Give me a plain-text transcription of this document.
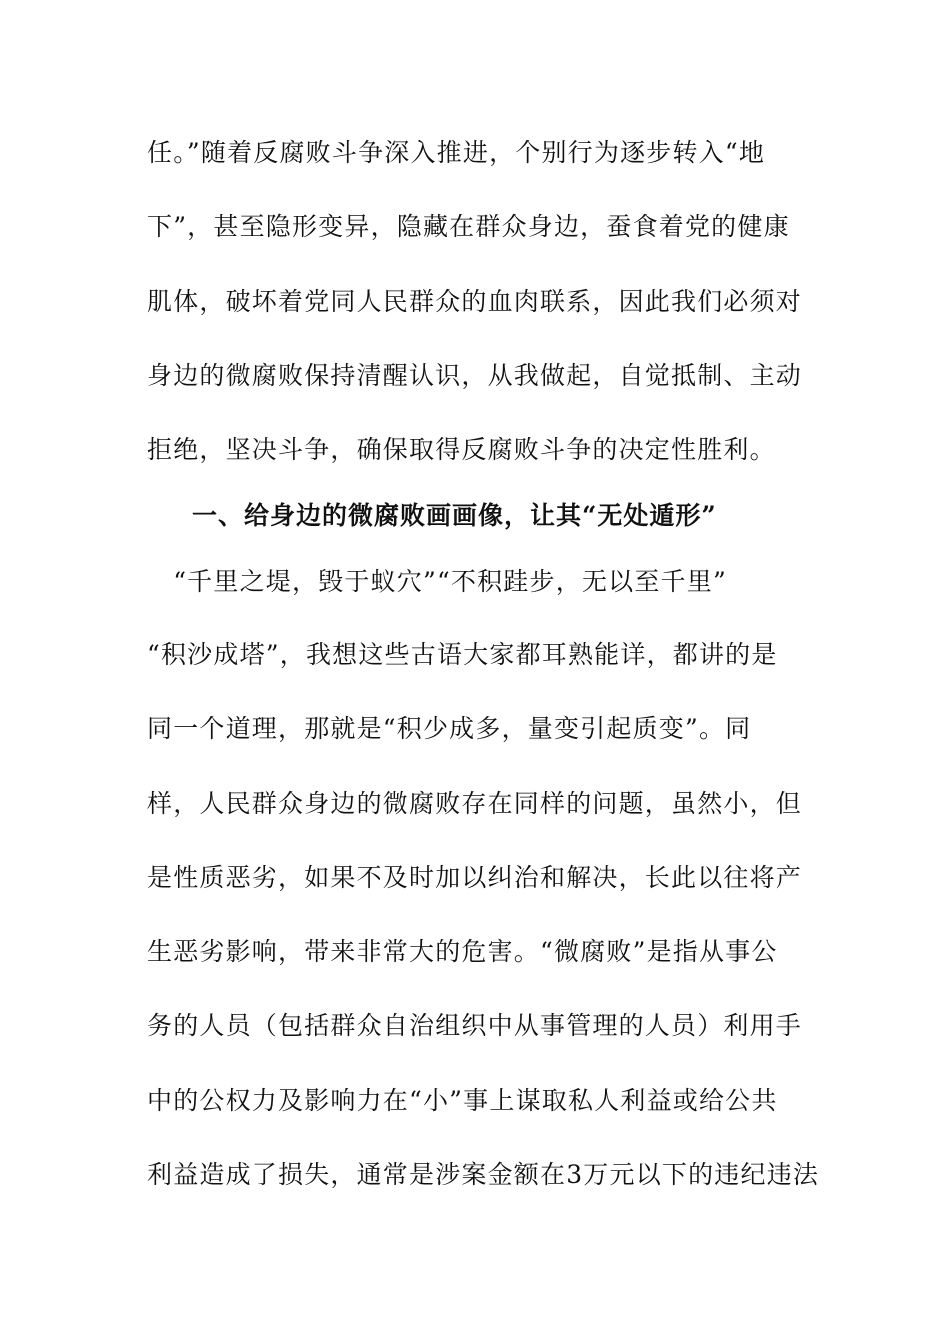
任。”随着反腐败斗争深入推进，个别行为逐步转入“地
下”，甚至隐形变异，隐藏在群众身边，蚕食着党的健康
肌体，破坏着党同人民群众的血肉联系，因此我们必须对
身边的微腐败保持清醒认识，从我做起，自觉抵制、主动
拒绝，坚决斗争，确保取得反腐败斗争的决定性胜利。
一、给身边的微腐败画画像，让其“无处遁形”
　“千里之堤，毁于蚁穴”“不积跬步，无以至千里”
“积沙成塔”，我想这些古语大家都耳熟能详，都讲的是
同一个道理，那就是“积少成多，量变引起质变”。同
样，人民群众身边的微腐败存在同样的问题，虽然小，但
是性质恶劣，如果不及时加以纠治和解决，长此以往将产
生恶劣影响，带来非常大的危害。“微腐败”是指从事公
务的人员（包括群众自治组织中从事管理的人员）利用手
中的公权力及影响力在“小”事上谋取私人利益或给公共
利益造成了损失，通常是涉案金额在3万元以下的违纪违法
